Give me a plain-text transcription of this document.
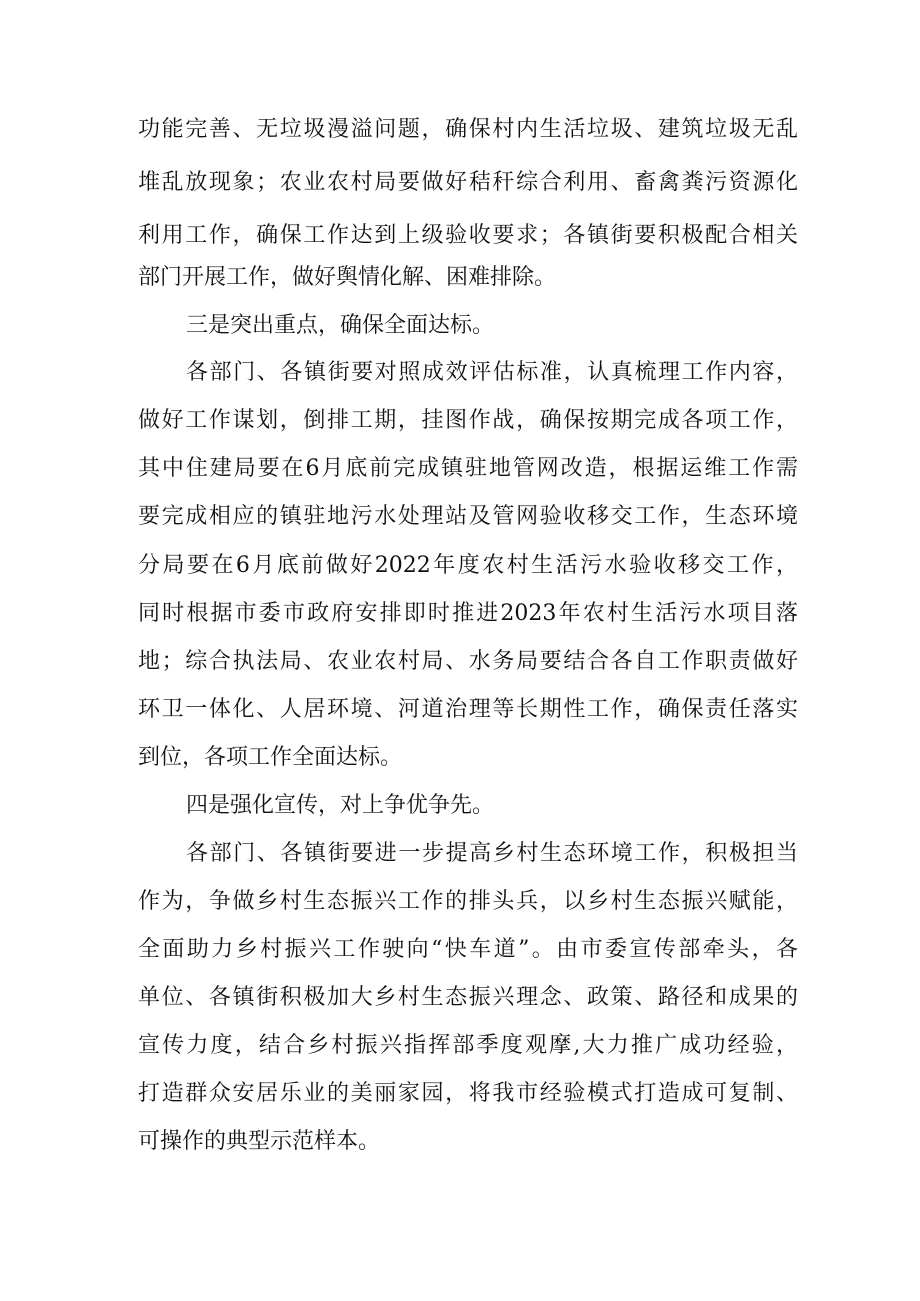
功能完善、无垃圾漫溢问题，确保村内生活垃圾、建筑垃圾无乱
堆乱放现象；农业农村局要做好秸秆综合利用、畜禽粪污资源化
利用工作，确保工作达到上级验收要求；各镇街要积极配合相关
部门开展工作，做好舆情化解、困难排除。
三是突出重点，确保全面达标。
各部门、各镇街要对照成效评估标准，认真梳理工作内容，
做好工作谋划，倒排工期，挂图作战，确保按期完成各项工作，
其中住建局要在6月底前完成镇驻地管网改造，根据运维工作需
要完成相应的镇驻地污水处理站及管网验收移交工作，生态环境
分局要在6月底前做好2022年度农村生活污水验收移交工作，
同时根据市委市政府安排即时推进2023年农村生活污水项目落
地；综合执法局、农业农村局、水务局要结合各自工作职责做好
环卫一体化、人居环境、河道治理等长期性工作，确保责任落实
到位，各项工作全面达标。
四是强化宣传，对上争优争先。
各部门、各镇街要进一步提高乡村生态环境工作，积极担当
作为，争做乡村生态振兴工作的排头兵，以乡村生态振兴赋能，
全面助力乡村振兴工作驶向“快车道”。由市委宣传部牵头，各
单位、各镇街积极加大乡村生态振兴理念、政策、路径和成果的
宣传力度，结合乡村振兴指挥部季度观摩,大力推广成功经验，
打造群众安居乐业的美丽家园，将我市经验模式打造成可复制、
可操作的典型示范样本。
